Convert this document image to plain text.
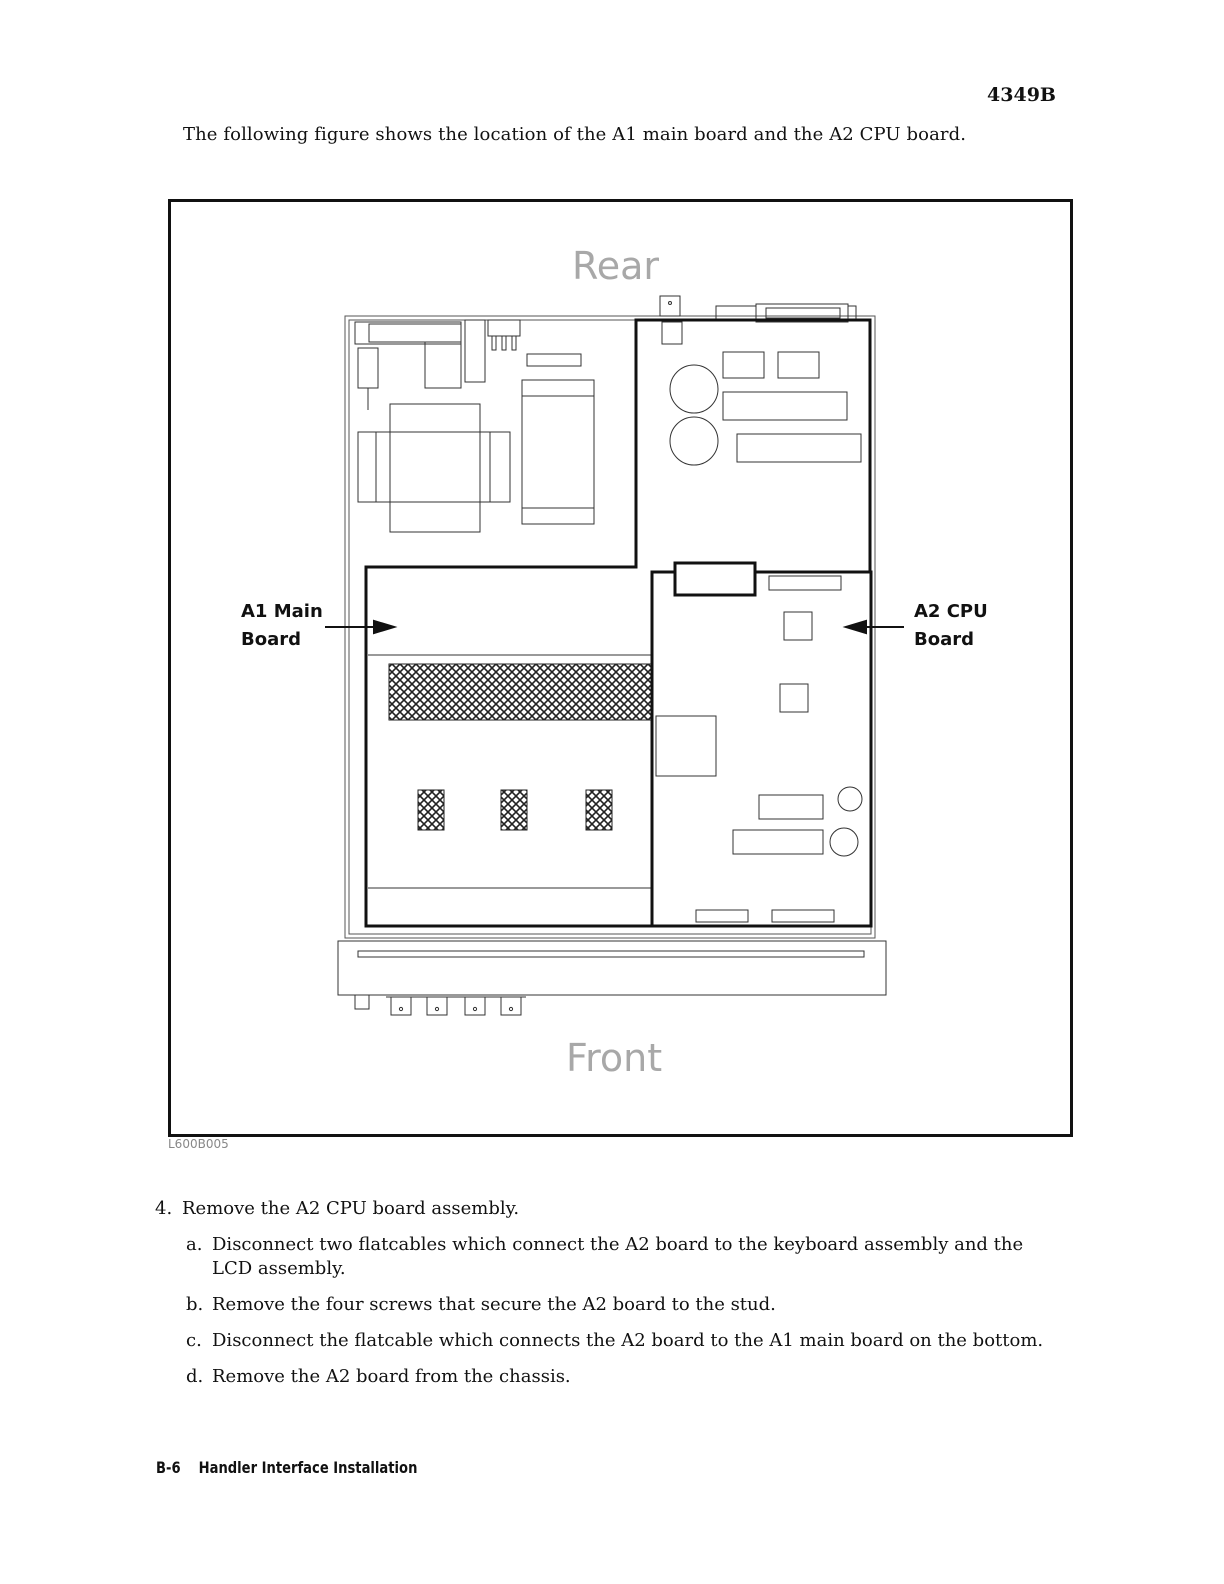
4349B
The following figure shows the location of the A1 main board and the A2 CPU board.
Rear
Front
A1 Main
Board
A2 CPU
Board
L600B005
4. Remove the A2 CPU board assembly.
a. Disconnect two flatcables which connect the A2 board to the keyboard assembly and the LCD assembly.
b. Remove the four screws that secure the A2 board to the stud.
c. Disconnect the flatcable which connects the A2 board to the A1 main board on the bottom.
d. Remove the A2 board from the chassis.
B-6 Handler Interface Installation
